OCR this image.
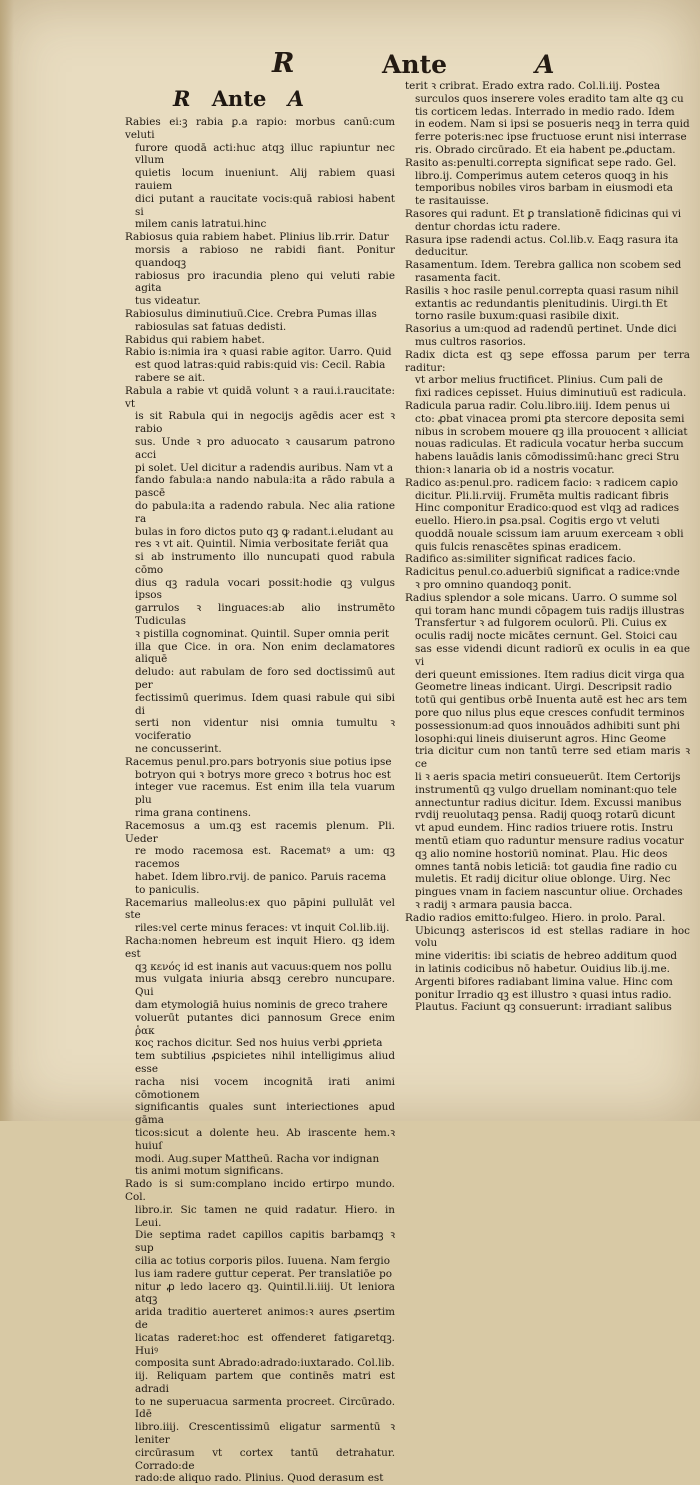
R	Ante	A
R Ante A

Rabies ei:ꝫ rabia ꝑ.a rapio: morbus canū:cum veluti

furore quodā acti:huc atqꝫ illuc rapiuntur nec vllum

quietis locum inueniunt. Alij rabiem quasi rauiem

dici putant a raucitate vocis:quā rabiosi habent si

milem canis latratui.hinc

Rabiosus quia rabiem habet. Plinius lib.rrir. Datur

morsis a rabioso ne rabidi fiant. Ponitur quandoqꝫ

rabiosus pro iracundia pleno qui veluti rabie agita

tus videatur.

Rabiosulus diminutiuū.Cice. Crebra Pumas illas

rabiosulas sat fatuas dedisti.

Rabidus qui rabiem habet.

Rabio is:nimia ira ꝛ quasi rabie agitor. Uarro. Quid

est quod latras:quid rabis:quid vis: Cecil. Rabia

rabere se ait.

Rabula a rabie vt quidā volunt ꝛ a raui.i.raucitate: vt

is sit Rabula qui in negocijs agēdis acer est ꝛ rabio

sus. Unde ꝛ pro aduocato ꝛ causarum patrono acci

pi solet. Uel dicitur a radendis auribus. Nam vt a

fando fabula:a nando nabula:ita a rādo rabula a pascē

do pabula:ita a radendo rabula. Nec alia ratione ra

bulas in foro dictos puto qꝫ ꝙ radant.i.eludant au

res ꝛ vt ait. Quintil. Nimia verbositate feriāt qua

si ab instrumento illo nuncupati quod rabula cōmo

dius qꝫ radula vocari possit:hodie qꝫ vulgus ipsos

garrulos ꝛ linguaces:ab alio instrumēto Tudiculas

ꝛ pistilla cognominat. Quintil. Super omnia perit

illa que Cice. in ora. Non enim declamatores aliquē

deludo: aut rabulam de foro sed doctissimū aut per

fectissimū querimus. Idem quasi rabule qui sibi di

serti non videntur nisi omnia tumultu ꝛ vociferatio

ne concusserint.

Racemus penul.pro.pars botryonis siue potius ipse

botryon qui ꝛ botrys more greco ꝛ botrus hoc est

integer vue racemus. Est enim illa tela vuarum plu

rima grana continens.

Racemosus a um.qꝫ est racemis plenum. Pli. Ueder

re modo racemosa est. Racematꝰ a um: qꝫ racemos

habet. Idem libro.rvij. de panico. Paruis racema

to paniculis.

Racemarius malleolus:ex quo pāpini pullulāt vel ste

riles:vel certe minus feraces: vt inquit Col.lib.iij.

Racha:nomen hebreum est inquit Hiero. qꝫ idem est

qꝫ κενός id est inanis aut vacuus:quem nos pollu

mus vulgata iniuria absqꝫ cerebro nuncupare. Qui

dam etymologiā huius nominis de greco trahere

voluerūt putantes dici pannosum Grece enim ῥακ

κος rachos dicitur. Sed nos huius verbi ꝓprieta

tem subtilius ꝓspicietes nihil intelligimus aliud esse

racha nisi vocem incognitā irati animi cōmotionem

significantis quales sunt interiectiones apud gāma

ticos:sicut a dolente heu. Ab irascente hem.ꝛ huiuſ

modi. Aug.super Mattheū. Racha vor indignan

tis animi motum significans.

Rado is si sum:complano incido ertirpo mundo. Col.

libro.ir. Sic tamen ne quid radatur. Hiero. in Leui.

Die septima radet capillos capitis barbamqꝫ ꝛ sup

cilia ac totius corporis pilos. Iuuena. Nam fergio

lus iam radere guttur ceperat. Per translatiōe po

nitur ꝓ ledo lacero qꝫ. Quintil.li.iiij. Ut leniora atqꝫ

arida traditio auerteret animos:ꝛ aures ꝓsertim de

licatas raderet:hoc est offenderet fatigaretqꝫ. Huiꝰ

composita sunt Abrado:adrado:iuxtarado. Col.lib.

iij. Reliquam partem que continēs matri est adradi

to ne superuacua sarmenta procreet. Circūrado. Idē

libro.iiij. Crescentissimū eligatur sarmentū ꝛ leniter

circūrasum vt cortex tantū detrahatur. Corrado:de

rado:de aliquo rado. Plinius. Quod derasum est

terit ꝛ cribrat. Erado extra rado. Col.li.iij. Postea

surculos quos inserere voles eradito tam alte qꝫ cu

tis corticem ledas. Interrado in medio rado. Idem

in eodem. Nam si ipsi se posueris neqꝫ in terra quid

ferre poteris:nec ipse fructuose erunt nisi interrase

ris. Obrado circūrado. Et eia habent pe.ꝓductam.

Rasito as:penulti.correpta significat sepe rado. Gel.

libro.ij. Comperimus autem ceteros quoqꝫ in his

temporibus nobiles viros barbam in eiusmodi eta

te rasitauisse.

Rasores qui radunt. Et ꝑ translationē fidicinas qui vi

dentur chordas ictu radere.

Rasura ipse radendi actus. Col.lib.v. Eaqꝫ rasura ita

deducitur.

Rasamentum. Idem. Terebra gallica non scobem sed

rasamenta facit.

Rasilis ꝛ hoc rasile penul.correpta quasi rasum nihil

extantis ac redundantis plenitudinis. Uirgi.th Et

torno rasile buxum:quasi rasibile dixit.

Rasorius a um:quod ad radendū pertinet. Unde dici

mus cultros rasorios.

Radix dicta est qꝫ sepe effossa parum per terra raditur:

vt arbor melius fructificet. Plinius. Cum pali de

fixi radices cepisset. Huius diminutiuū est radicula.

Radicula parua radir. Colu.libro.iiij. Idem penus ui

cto: ꝓbat vinacea promi ꝑta stercore deposita semi

nibus in scrobem mouere qꝫ illa prouocent ꝛ alliciat

nouas radiculas. Et radicula vocatur herba succum

habens lauādis lanis cōmodissimū:hanc greci Stru

thion:ꝛ lanaria ob id a nostris vocatur.

Radico as:penul.pro. radicem facio: ꝛ radicem capio

dicitur. Pli.li.rviij. Frumēta multis radicant fibris

Hinc componitur Eradico:quod est vlqꝫ ad radices

euello. Hiero.in ꝑsa.psal. Cogitis ergo vt veluti

quoddā nouale scissum iam aruum exerceam ꝛ obli

quis fulcis renascētes spinas eradicem.

Radifico as:similiter significat radices facio.

Radicitus penul.co.aduerbiū significat a radice:vnde

ꝛ pro omnino quandoqꝫ ponit.

Radius splendor a sole micans. Uarro. O summe sol

qui toram hanc mundi cōpagem tuis radijs illustras

Transfertur ꝛ ad fulgorem oculorū. Pli. Cuius ex

oculis radij nocte micātes cernunt. Gel. Stoici cau

sas esse videndi dicunt radiorū ex oculis in ea que vi

deri queunt emissiones. Item radius dicit virga qua

Geometre lineas indicant. Uirgi. Descripsit radio

totū qui gentibus orbē Inuenta autē est hec ars tem

pore quo nilus plus eque cresces confudit terminos

possessionum:ad quos innouādos adhibiti sunt phi

losophi:qui lineis diuiserunt agros. Hinc Geome

tria dicitur cum non tantū terre sed etiam maris ꝛ ce

li ꝛ aeris spacia metiri consueuerūt. Item Certorijs

instrumentū qꝫ vulgo druellam nominant:quo tele

annectuntur radius dicitur. Idem. Excussi manibus

rvdij reuolutaqꝫ pensa. Radij quoqꝫ rotarū dicunt

vt apud eundem. Hinc radios triuere rotis. Instru

mentū etiam quo raduntur mensure radius vocatur

qꝫ alio nomine hostoriū nominat. Plau. Hic deos

omnes tantā nobis leticiā: tot gaudia fine radio cu

muletis. Et radij dicitur oliue oblonge. Uirg. Nec

pingues vnam in faciem nascuntur oliue. Orchades

ꝛ radij ꝛ armara pausia bacca.

Radio radios emitto:fulgeo. Hiero. in prolo. Paral.

Ubicunqꝫ asteriscos id est stellas radiare in hoc volu

mine videritis: ibi sciatis de hebreo additum quod

in latinis codicibus nō habetur. Ouidius lib.ij.me.

Argenti bifores radiabant limina value. Hinc com

ponitur Irradio qꝫ est illustro ꝛ quasi intus radio.

Plautus. Faciunt qꝫ consuerunt: irradiant salibus
